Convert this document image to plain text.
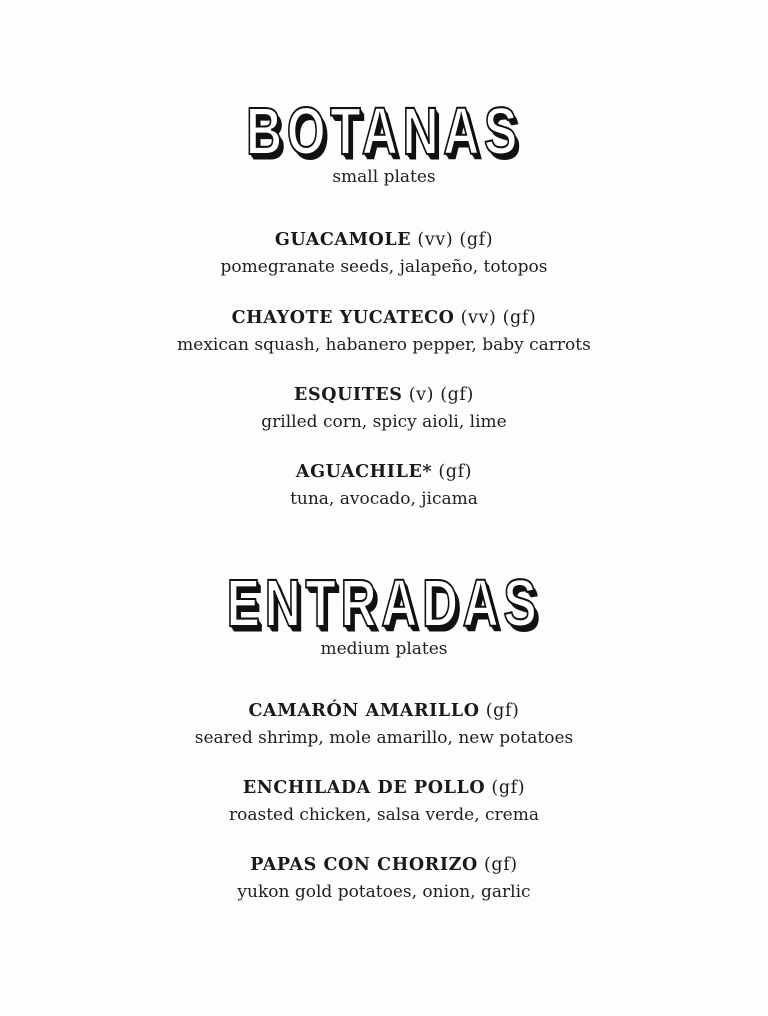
BOTANAS
small plates
GUACAMOLE (vv) (gf)
pomegranate seeds, jalapeño, totopos
CHAYOTE YUCATECO (vv) (gf)
mexican squash, habanero pepper, baby carrots
ESQUITES (v) (gf)
grilled corn, spicy aioli, lime
AGUACHILE* (gf)
tuna, avocado, jicama
ENTRADAS
medium plates
CAMARÓN AMARILLO (gf)
seared shrimp, mole amarillo, new potatoes
ENCHILADA DE POLLO (gf)
roasted chicken, salsa verde, crema
PAPAS CON CHORIZO (gf)
yukon gold potatoes, onion, garlic
